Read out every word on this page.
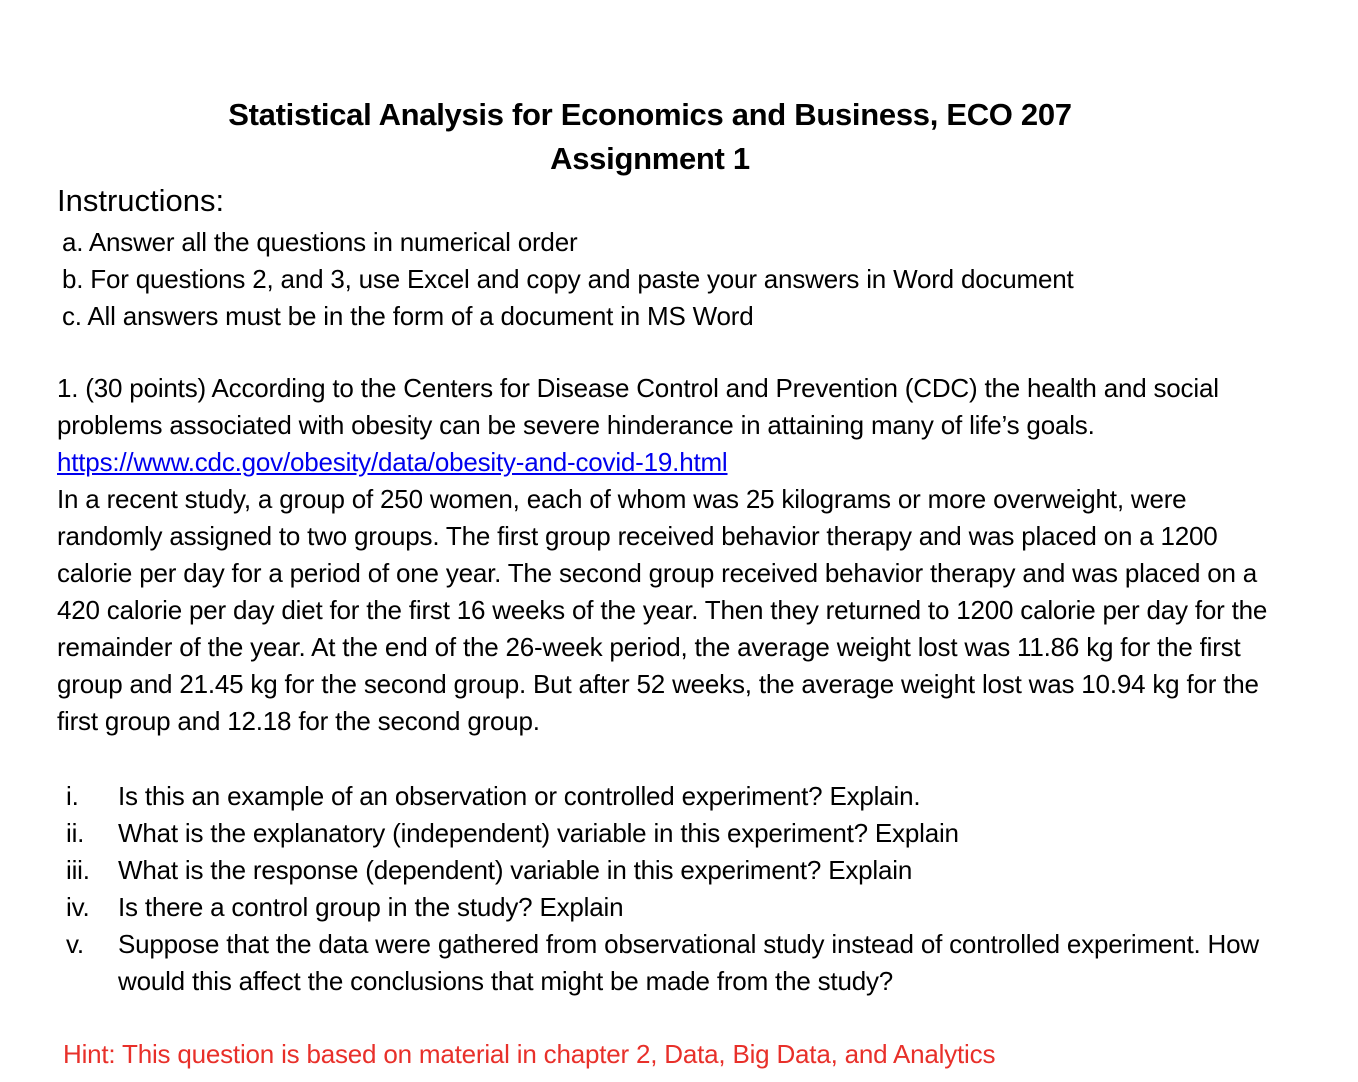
Statistical Analysis for Economics and Business, ECO 207
Assignment 1
Instructions:
a. Answer all the questions in numerical order
b. For questions 2, and 3, use Excel and copy and paste your answers in Word document
c. All answers must be in the form of a document in MS Word

1. (30 points) According to the Centers for Disease Control and Prevention (CDC) the health and social problems associated with obesity can be severe hinderance in attaining many of life’s goals. https://www.cdc.gov/obesity/data/obesity-and-covid-19.html

In a recent study, a group of 250 women, each of whom was 25 kilograms or more overweight, were randomly assigned to two groups. The first group received behavior therapy and was placed on a 1200 calorie per day for a period of one year. The second group received behavior therapy and was placed on a 420 calorie per day diet for the first 16 weeks of the year. Then they returned to 1200 calorie per day for the remainder of the year. At the end of the 26-week period, the average weight lost was 11.86 kg for the first group and 21.45 kg for the second group. But after 52 weeks, the average weight lost was 10.94 kg for the first group and 12.18 for the second group.

i.	Is this an example of an observation or controlled experiment? Explain.
ii.	What is the explanatory (independent) variable in this experiment? Explain
iii.	What is the response (dependent) variable in this experiment? Explain
iv.	Is there a control group in the study? Explain
v.	Suppose that the data were gathered from observational study instead of controlled experiment. How would this affect the conclusions that might be made from the study?
Hint: This question is based on material in chapter 2, Data, Big Data, and Analytics
